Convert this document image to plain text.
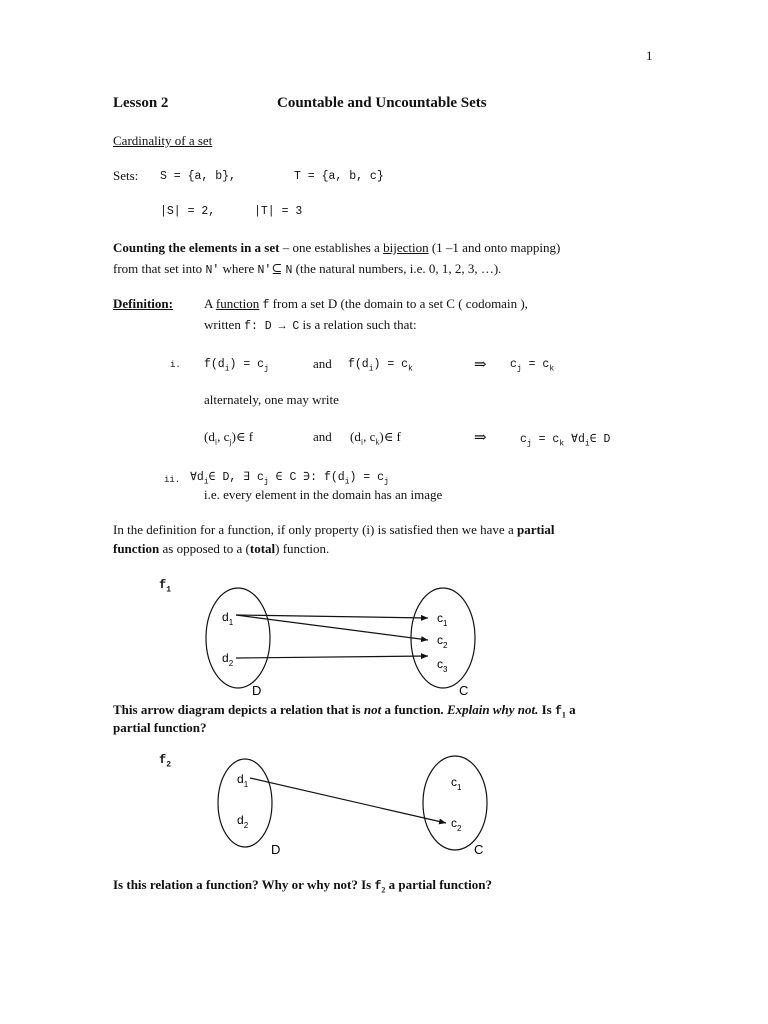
1
Lesson 2	Countable and Uncountable Sets
Cardinality of a set
Sets: S = {a, b},	T = {a, b, c}
|S| = 2,	|T| = 3
Counting the elements in a set – one establishes a bijection (1 –1 and onto mapping)
from that set into N' where N'⊆ N (the natural numbers, i.e. 0, 1, 2, 3, …).
Definition: A function f from a set D (the domain to a set C ( codomain ),
written f: D → C is a relation such that:
i. $f(d_i) = c_j$	and $f(d_i) = c_k$	⇒ $c_j = c_k$
alternately, one may write
($d_i$, $c_j)\in$ f	and ($d_i$, $c_k)\in$ f	⇒	$c_j = c_k$ $\forall d_i\in$ D
ii. $\forall d_i\in$ D, ∃ $c_j$ ∈ C ∋: $f(d_i) = c_j$
i.e. every element in the domain has an image
In the definition for a function, if only property (i) is satisfied then we have a partial
function as opposed to a (total) function.
$f_1$
$d_1$
$d_2$
$c_1$
$c_2$
$c_3$
D	C
$d_1$
$d_2$
$c_1$
$c_2$
D	C
This arrow diagram depicts a relation that is not a function. Explain why not. Is $f_1$ a
partial function?
$f_2$
Is this relation a function? Why or why not? Is $f_2$ a partial function?
